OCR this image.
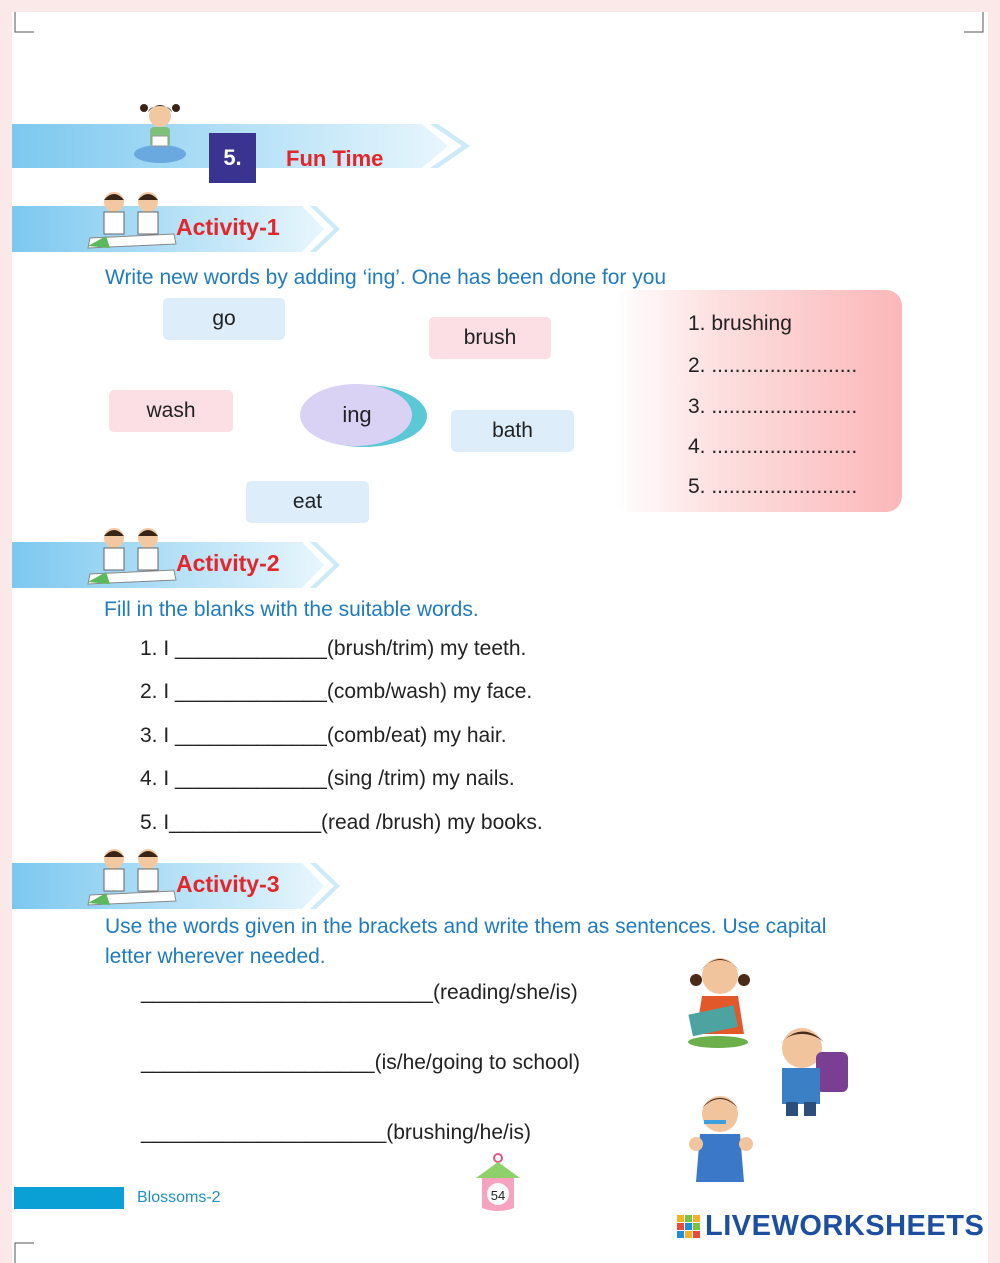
5. Fun Time
Activity-1
Write new words by adding ‘ing’. One has been done for you
go
brush
wash
bath
eat
ing
1. brushing
2. .........................
3. .........................
4. .........................
5. .........................
Activity-2
Fill in the blanks with the suitable words.
1. I _____________(brush/trim) my teeth.
2. I _____________(comb/wash) my face.
3. I _____________(comb/eat) my hair.
4. I _____________(sing /trim) my nails.
5. I_____________(read /brush) my books.
Activity-3
Use the words given in the brackets and write them as sentences. Use capital
letter wherever needed.
_________________________(reading/she/is)
____________________(is/he/going to school)
_____________________(brushing/he/is)
Blossoms-2	54
LIVEWORKSHEETS
